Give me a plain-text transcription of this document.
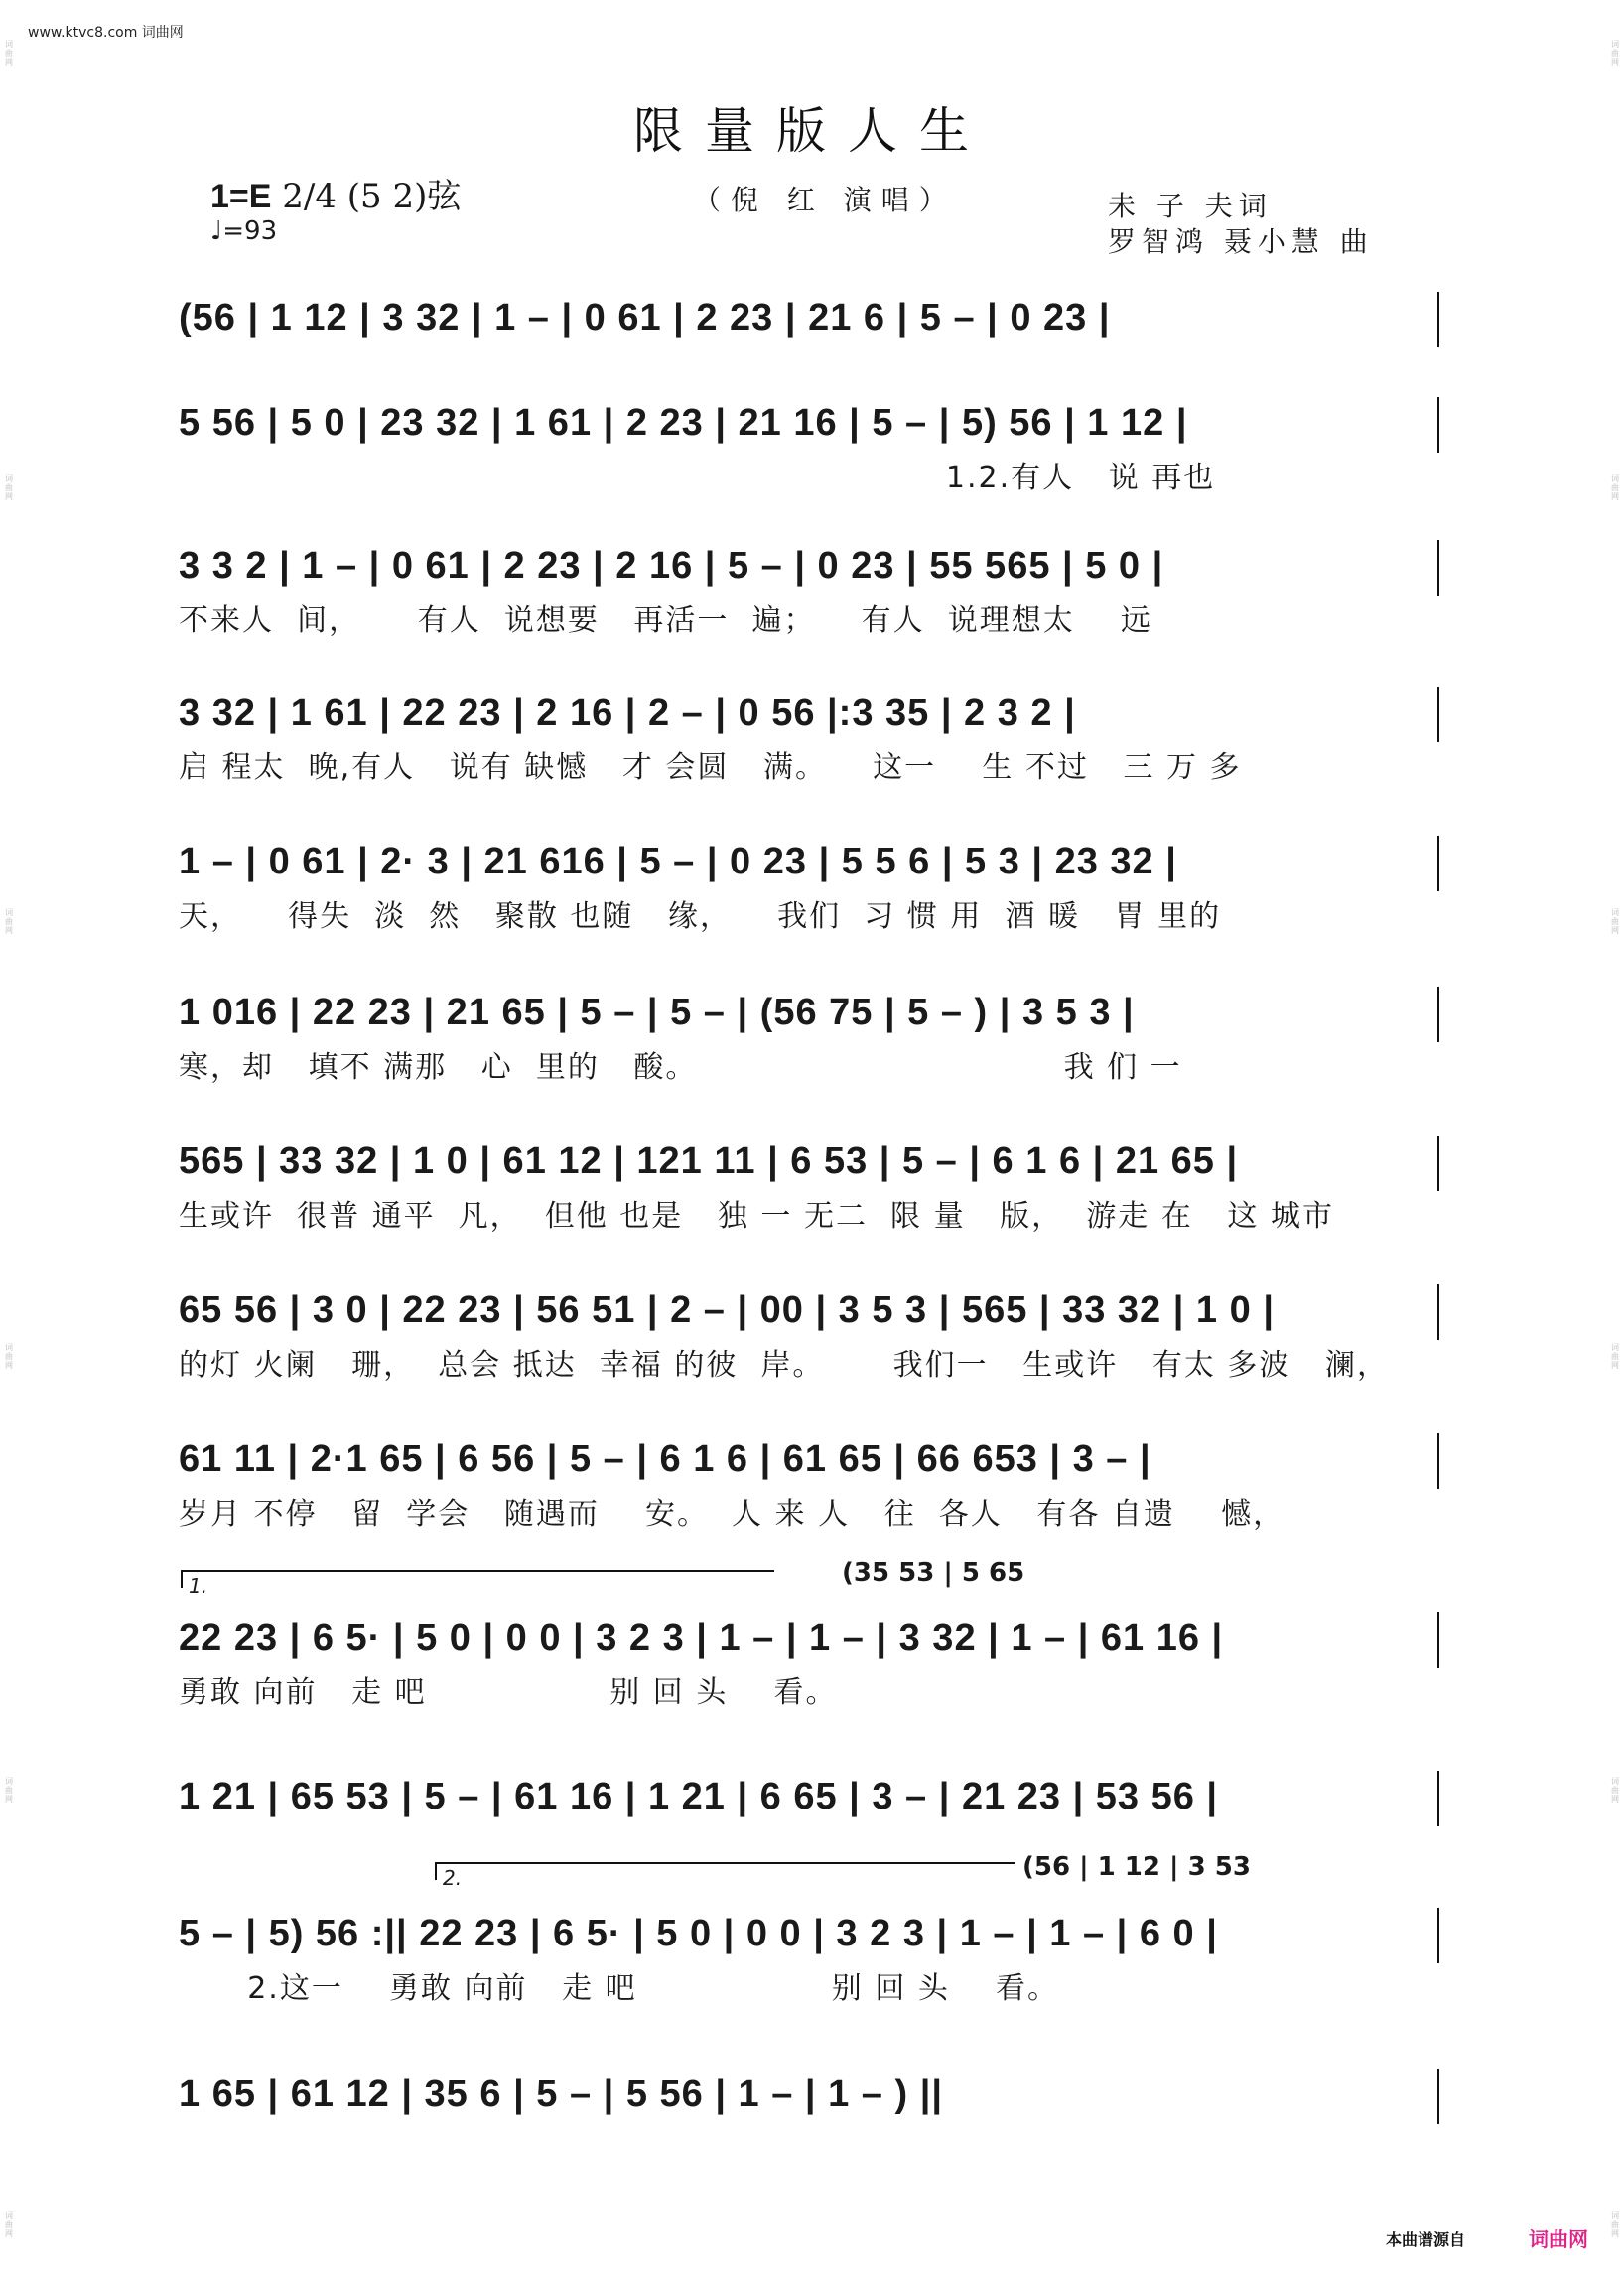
www.ktvc8.com 词曲网
词曲网
词曲网
词曲网
词曲网
词曲网
词曲网
词曲网
词曲网
词曲网
词曲网
词曲网
词曲网
限量版人生
1=E 2/4 (5 2)弦
♩=93
（倪 红 演唱）	未 子 夫词
罗智鸿 聂小慧 曲
(56 | 1 12 | 3 32 | 1 – | 0 61 | 2 23 | 21 6 | 5 – | 0 23 |
5 56 | 5 0 | 23 32 | 1 61 | 2 23 | 21 16 | 5 – | 5) 56 | 1 12 |
1.2.有人   说 再也
3 3 2 | 1 – | 0 61 | 2 23 | 2 16 | 5 – | 0 23 | 55 565 | 5 0 |
不来人  间，     有人  说想要   再活一  遍；    有人  说理想太    远
3 32 | 1 61 | 22 23 | 2 16 | 2 – | 0 56 |:3 35 | 2 3 2 |
启 程太  晚,有人   说有 缺憾   才 会圆   满。    这一    生 不过   三 万 多
1 – | 0 61 | 2· 3 | 21 616 | 5 – | 0 23 | 5 5 6 | 5 3 | 23 32 |
天，    得失  淡  然   聚散 也随   缘，    我们  习 惯 用  酒 暖   胃 里的
1 016 | 22 23 | 21 65 | 5 – | 5 – | (56 75 | 5 – ) | 3 5 3 |
寒，却   填不 满那   心  里的   酸。                                我 们 一
565 | 33 32 | 1 0 | 61 12 | 121 11 | 6 53 | 5 – | 6 1 6 | 21 65 |
生或许  很普 通平  凡，  但他 也是   独 一 无二  限 量   版，  游走 在   这 城市
65 56 | 3 0 | 22 23 | 56 51 | 2 – | 00 | 3 5 3 | 565 | 33 32 | 1 0 |
的灯 火阑   珊，  总会 抵达  幸福 的彼  岸。      我们一   生或许   有太 多波   澜，
61 11 | 2·1 65 | 6 56 | 5 – | 6 1 6 | 61 65 | 66 653 | 3 – |
岁月 不停   留  学会   随遇而    安。  人 来 人   往  各人   有各 自遗    憾，
22 23 | 6 5· | 5 0 | 0 0 | 3 2 3 | 1 – | 1 – | 3 32 | 1 – | 61 16 |
勇敢 向前   走 吧                别 回 头    看。
1 21 | 65 53 | 5 – | 61 16 | 1 21 | 6 65 | 3 – | 21 23 | 53 56 |
5 – | 5) 56 :|| 22 23 | 6 5· | 5 0 | 0 0 | 3 2 3 | 1 – | 1 – | 6 0 |
2.这一    勇敢 向前   走 吧                 别 回 头    看。
1 65 | 61 12 | 35 6 | 5 – | 5 56 | 1 – | 1 – ) ||
1.	(35 53 | 5 65
2.	(56 | 1 12 | 3 53
本曲谱源自	词曲网
